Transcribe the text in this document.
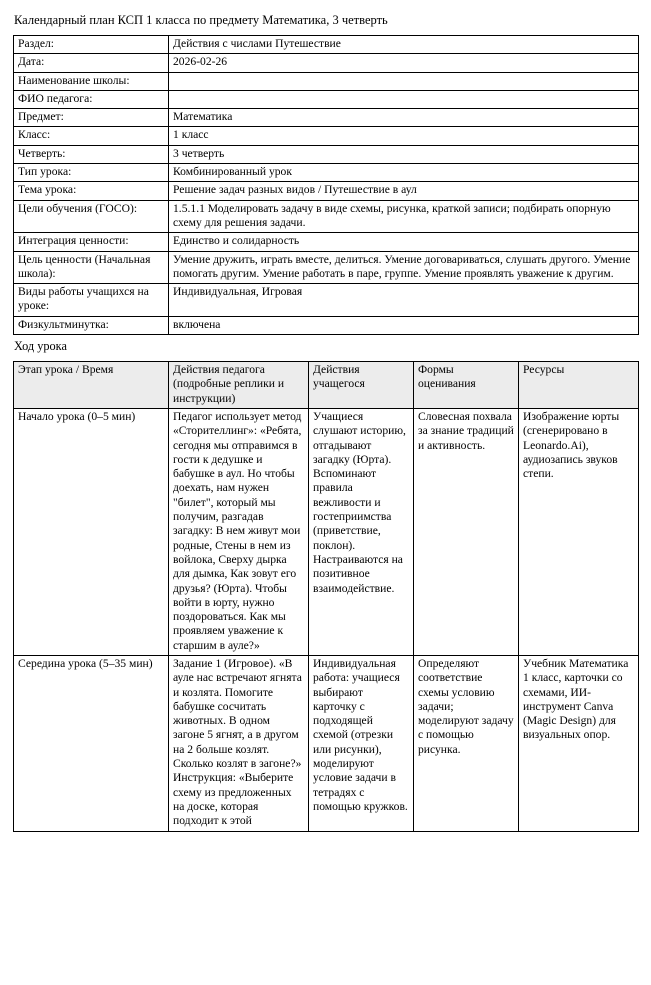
Календарный план КСП 1 класса по предмету Математика, 3 четверть
Раздел:	Действия с числами Путешествие
Дата:	2026-02-26
Наименование школы:	
ФИО педагога:	
Предмет:	Математика
Класс:	1 класс
Четверть:	3 четверть
Тип урока:	Комбинированный урок
Тема урока:	Решение задач разных видов / Путешествие в аул
Цели обучения (ГОСО):	1.5.1.1 Моделировать задачу в виде схемы, рисунка, краткой записи; подбирать опорную схему для решения задачи.
Интеграция ценности:	Единство и солидарность
Цель ценности (Начальная школа):	Умение дружить, играть вместе, делиться. Умение договариваться, слушать другого. Умение помогать другим. Умение работать в паре, группе. Умение проявлять уважение к другим.
Виды работы учащихся на уроке:	Индивидуальная, Игровая
Физкультминутка:	включена
Ход урока
Этап урока / Время	Действия педагога (подробные реплики и инструкции)	Действия учащегося	Формы оценивания	Ресурсы
Начало урока (0–5 мин)	Педагог использует метод «Сторителлинг»: «Ребята, сегодня мы отправимся в гости к дедушке и бабушке в аул. Но чтобы доехать, нам нужен "билет", который мы получим, разгадав загадку: В нем живут мои родные, Стены в нем из войлока, Сверху дырка для дымка, Как зовут его друзья? (Юрта). Чтобы войти в юрту, нужно поздороваться. Как мы проявляем уважение к старшим в ауле?»	Учащиеся слушают историю, отгадывают загадку (Юрта). Вспоминают правила вежливости и гостеприимства (приветствие, поклон). Настраиваются на позитивное взаимодействие.	Словесная похвала за знание традиций и активность.	Изображение юрты (сгенерировано в Leonardo.Ai), аудиозапись звуков степи.
Середина урока (5–35 мин)	Задание 1 (Игровое). «В ауле нас встречают ягнята и козлята. Помогите бабушке сосчитать животных. В одном загоне 5 ягнят, а в другом на 2 больше козлят. Сколько козлят в загоне?» Инструкция: «Выберите схему из предложенных на доске, которая подходит к этой	Индивидуальная работа: учащиеся выбирают карточку с подходящей схемой (отрезки или рисунки), моделируют условие задачи в тетрадях с помощью кружков.	Определяют соответствие схемы условию задачи; моделируют задачу с помощью рисунка.	Учебник Математика 1 класс, карточки со схемами, ИИ-инструмент Canva (Magic Design) для визуальных опор.
